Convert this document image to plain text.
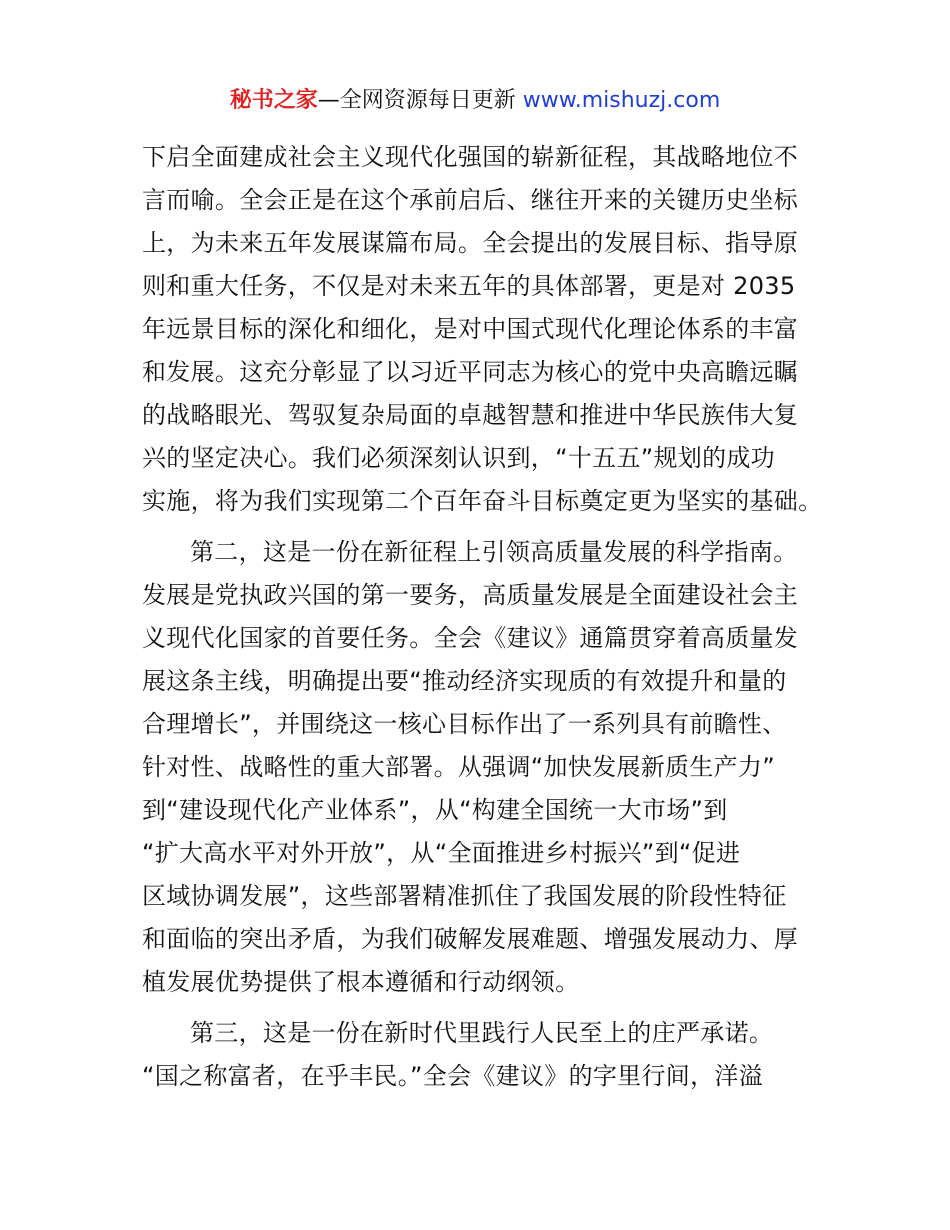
秘书之家—全网资源每日更新 www.mishuzj.com
下启全面建成社会主义现代化强国的崭新征程，其战略地位不
言而喻。全会正是在这个承前启后、继往开来的关键历史坐标
上，为未来五年发展谋篇布局。全会提出的发展目标、指导原
则和重大任务，不仅是对未来五年的具体部署，更是对 2035
年远景目标的深化和细化，是对中国式现代化理论体系的丰富
和发展。这充分彰显了以习近平同志为核心的党中央高瞻远瞩
的战略眼光、驾驭复杂局面的卓越智慧和推进中华民族伟大复
兴的坚定决心。我们必须深刻认识到，“十五五”规划的成功
实施，将为我们实现第二个百年奋斗目标奠定更为坚实的基础。
第二，这是一份在新征程上引领高质量发展的科学指南。
发展是党执政兴国的第一要务，高质量发展是全面建设社会主
义现代化国家的首要任务。全会《建议》通篇贯穿着高质量发
展这条主线，明确提出要“推动经济实现质的有效提升和量的
合理增长”，并围绕这一核心目标作出了一系列具有前瞻性、
针对性、战略性的重大部署。从强调“加快发展新质生产力”
到“建设现代化产业体系”，从“构建全国统一大市场”到
“扩大高水平对外开放”，从“全面推进乡村振兴”到“促进
区域协调发展”，这些部署精准抓住了我国发展的阶段性特征
和面临的突出矛盾，为我们破解发展难题、增强发展动力、厚
植发展优势提供了根本遵循和行动纲领。
第三，这是一份在新时代里践行人民至上的庄严承诺。
“国之称富者，在乎丰民。”全会《建议》的字里行间，洋溢
